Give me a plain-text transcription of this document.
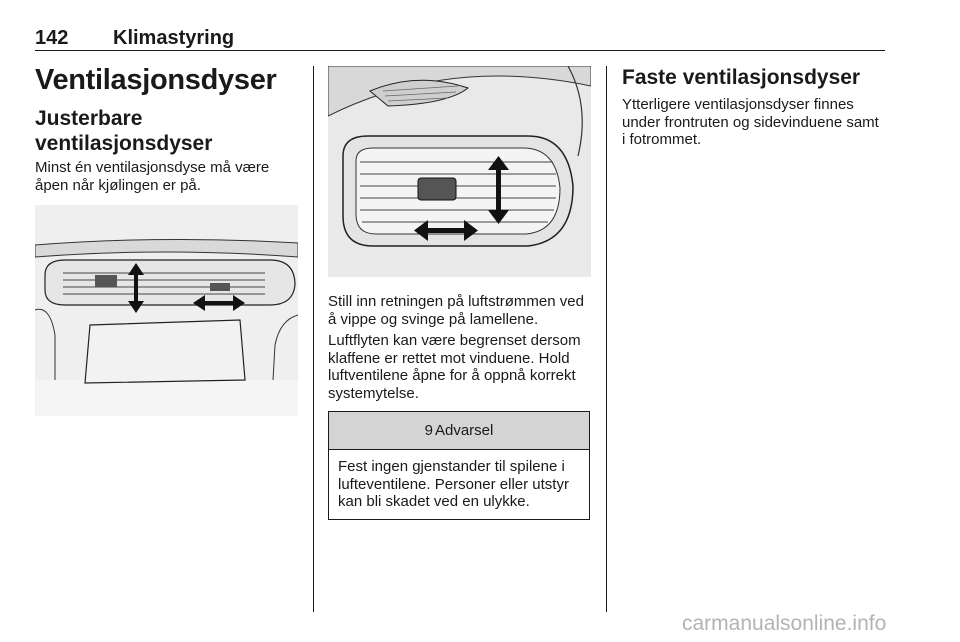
142 Klimastyring
Ventilasjonsdyser
Justerbare ventilasjonsdyser
Minst én ventilasjonsdyse må være åpen når kjølingen er på.
Still inn retningen på luftstrømmen ved å vippe og svinge på lamellene.
Luftflyten kan være begrenset dersom klaffene er rettet mot vinduene. Hold luftventilene åpne for å oppnå korrekt systemytelse.
9 Advarsel
Fest ingen gjenstander til spilene i lufteventilene. Personer eller utstyr kan bli skadet ved en ulykke.
Faste ventilasjonsdyser
Ytterligere ventilasjonsdyser finnes under frontruten og sidevinduene samt i fotrommet.
carmanualsonline.info
